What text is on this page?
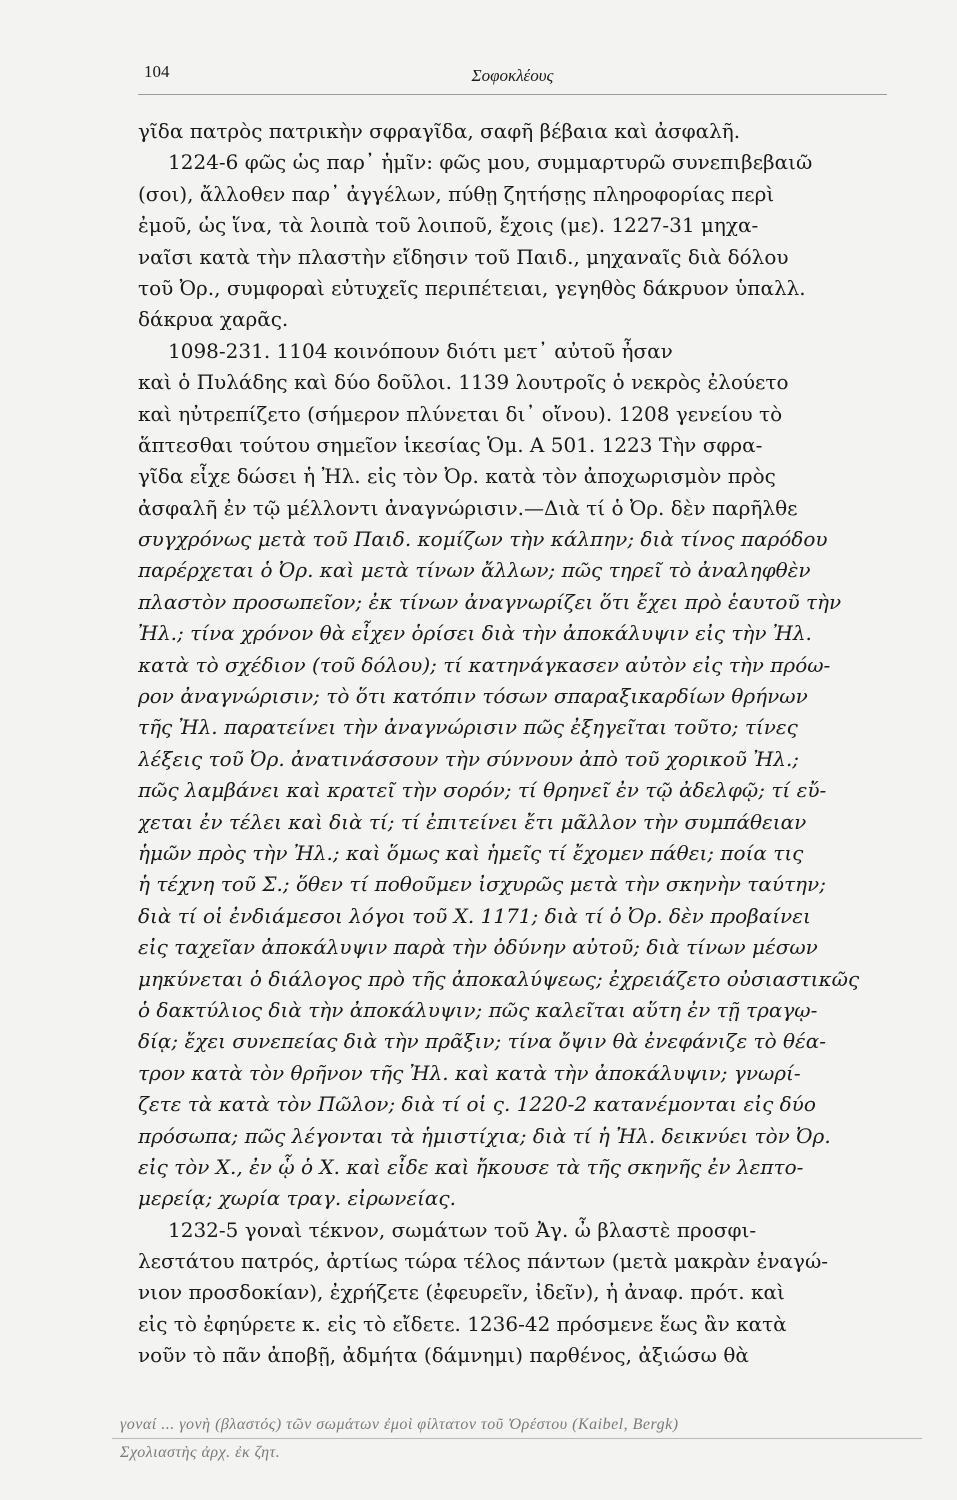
104	Σοφοκλέους
γῖδα πατρὸς πατρικὴν σφραγῖδα, σαφῆ βέβαια καὶ ἀσφαλῆ.
1224-6 φῶς ὡς παρ᾽ ἡμῖν: φῶς μου, συμμαρτυρῶ συνεπιβεβαιῶ
(σοι), ἄλλοθεν παρ᾽ ἀγγέλων, πύθῃ ζητήσῃς πληροφορίας περὶ
ἐμοῦ, ὡς ἵνα, τὰ λοιπὰ τοῦ λοιποῦ, ἔχοις (με). 1227-31 μηχα-
ναῖσι κατὰ τὴν πλαστὴν εἴδησιν τοῦ Παιδ., μηχαναῖς διὰ δόλου
τοῦ Ὀρ., συμφοραὶ εὐτυχεῖς περιπέτειαι, γεγηθὸς δάκρυον ὑπαλλ.
δάκρυα χαρᾶς.
1098-231. 1104 κοινόπουν διότι μετ᾽ αὐτοῦ ἦσαν
καὶ ὁ Πυλάδης καὶ δύο δοῦλοι. 1139 λουτροῖς ὁ νεκρὸς ἐλούετο
καὶ ηὐτρεπίζετο (σήμερον πλύνεται δι᾽ οἴνου). 1208 γενείου τὸ
ἅπτεσθαι τούτου σημεῖον ἱκεσίας Ὁμ. Α 501. 1223 Τὴν σφρα-
γῖδα εἶχε δώσει ἡ Ἠλ. εἰς τὸν Ὀρ. κατὰ τὸν ἀποχωρισμὸν πρὸς
ἀσφαλῆ ἐν τῷ μέλλοντι ἀναγνώρισιν.—Διὰ τί ὁ Ὀρ. δὲν παρῆλθε
συγχρόνως μετὰ τοῦ Παιδ. κομίζων τὴν κάλπην; διὰ τίνος παρόδου
παρέρχεται ὁ Ὀρ. καὶ μετὰ τίνων ἄλλων; πῶς τηρεῖ τὸ ἀναληφθὲν
πλαστὸν προσωπεῖον; ἐκ τίνων ἀναγνωρίζει ὅτι ἔχει πρὸ ἑαυτοῦ τὴν
Ἠλ.; τίνα χρόνον θὰ εἶχεν ὁρίσει διὰ τὴν ἀποκάλυψιν εἰς τὴν Ἠλ.
κατὰ τὸ σχέδιον (τοῦ δόλου); τί κατηνάγκασεν αὐτὸν εἰς τὴν πρόω-
ρον ἀναγνώρισιν; τὸ ὅτι κατόπιν τόσων σπαραξικαρδίων θρήνων
τῆς Ἠλ. παρατείνει τὴν ἀναγνώρισιν πῶς ἐξηγεῖται τοῦτο; τίνες
λέξεις τοῦ Ὀρ. ἀνατινάσσουν τὴν σύννουν ἀπὸ τοῦ χορικοῦ Ἠλ.;
πῶς λαμβάνει καὶ κρατεῖ τὴν σορόν; τί θρηνεῖ ἐν τῷ ἀδελφῷ; τί εὔ-
χεται ἐν τέλει καὶ διὰ τί; τί ἐπιτείνει ἔτι μᾶλλον τὴν συμπάθειαν
ἡμῶν πρὸς τὴν Ἠλ.; καὶ ὅμως καὶ ἡμεῖς τί ἔχομεν πάθει; ποία τις
ἡ τέχνη τοῦ Σ.; ὅθεν τί ποθοῦμεν ἰσχυρῶς μετὰ τὴν σκηνὴν ταύτην;
διὰ τί οἱ ἐνδιάμεσοι λόγοι τοῦ Χ. 1171; διὰ τί ὁ Ὀρ. δὲν προβαίνει
εἰς ταχεῖαν ἀποκάλυψιν παρὰ τὴν ὀδύνην αὐτοῦ; διὰ τίνων μέσων
μηκύνεται ὁ διάλογος πρὸ τῆς ἀποκαλύψεως; ἐχρειάζετο οὐσιαστικῶς
ὁ δακτύλιος διὰ τὴν ἀποκάλυψιν; πῶς καλεῖται αὕτη ἐν τῇ τραγῳ-
δίᾳ; ἔχει συνεπείας διὰ τὴν πρᾶξιν; τίνα ὄψιν θὰ ἐνεφάνιζε τὸ θέα-
τρον κατὰ τὸν θρῆνον τῆς Ἠλ. καὶ κατὰ τὴν ἀποκάλυψιν; γνωρί-
ζετε τὰ κατὰ τὸν Πῶλον; διὰ τί οἱ ς. 1220-2 κατανέμονται εἰς δύο
πρόσωπα; πῶς λέγονται τὰ ἡμιστίχια; διὰ τί ἡ Ἠλ. δεικνύει τὸν Ὀρ.
εἰς τὸν Χ., ἐν ᾧ ὁ Χ. καὶ εἶδε καὶ ἤκουσε τὰ τῆς σκηνῆς ἐν λεπτο-
μερείᾳ; χωρία τραγ. εἰρωνείας.
1232-5 γοναὶ τέκνον, σωμάτων τοῦ Ἀγ. ὦ βλαστὲ προσφι-
λεστάτου πατρός, ἀρτίως τώρα τέλος πάντων (μετὰ μακρὰν ἐναγώ-
νιον προσδοκίαν), ἐχρήζετε (ἐφευρεῖν, ἰδεῖν), ἡ ἀναφ. πρότ. καὶ
εἰς τὸ ἐφηύρετε κ. εἰς τὸ εἴδετε. 1236-42 πρόσμενε ἕως ἂν κατὰ
νοῦν τὸ πᾶν ἀποβῇ, ἀδμήτα (δάμνημι) παρθένος, ἀξιώσω θὰ
γοναί ... γονὴ (βλαστός) τῶν σωμάτων ἐμοὶ φίλτατον τοῦ Ὀρέστου (Kaibel, Bergk)
Σχολιαστὴς ἀρχ. ἐκ ζητ.
